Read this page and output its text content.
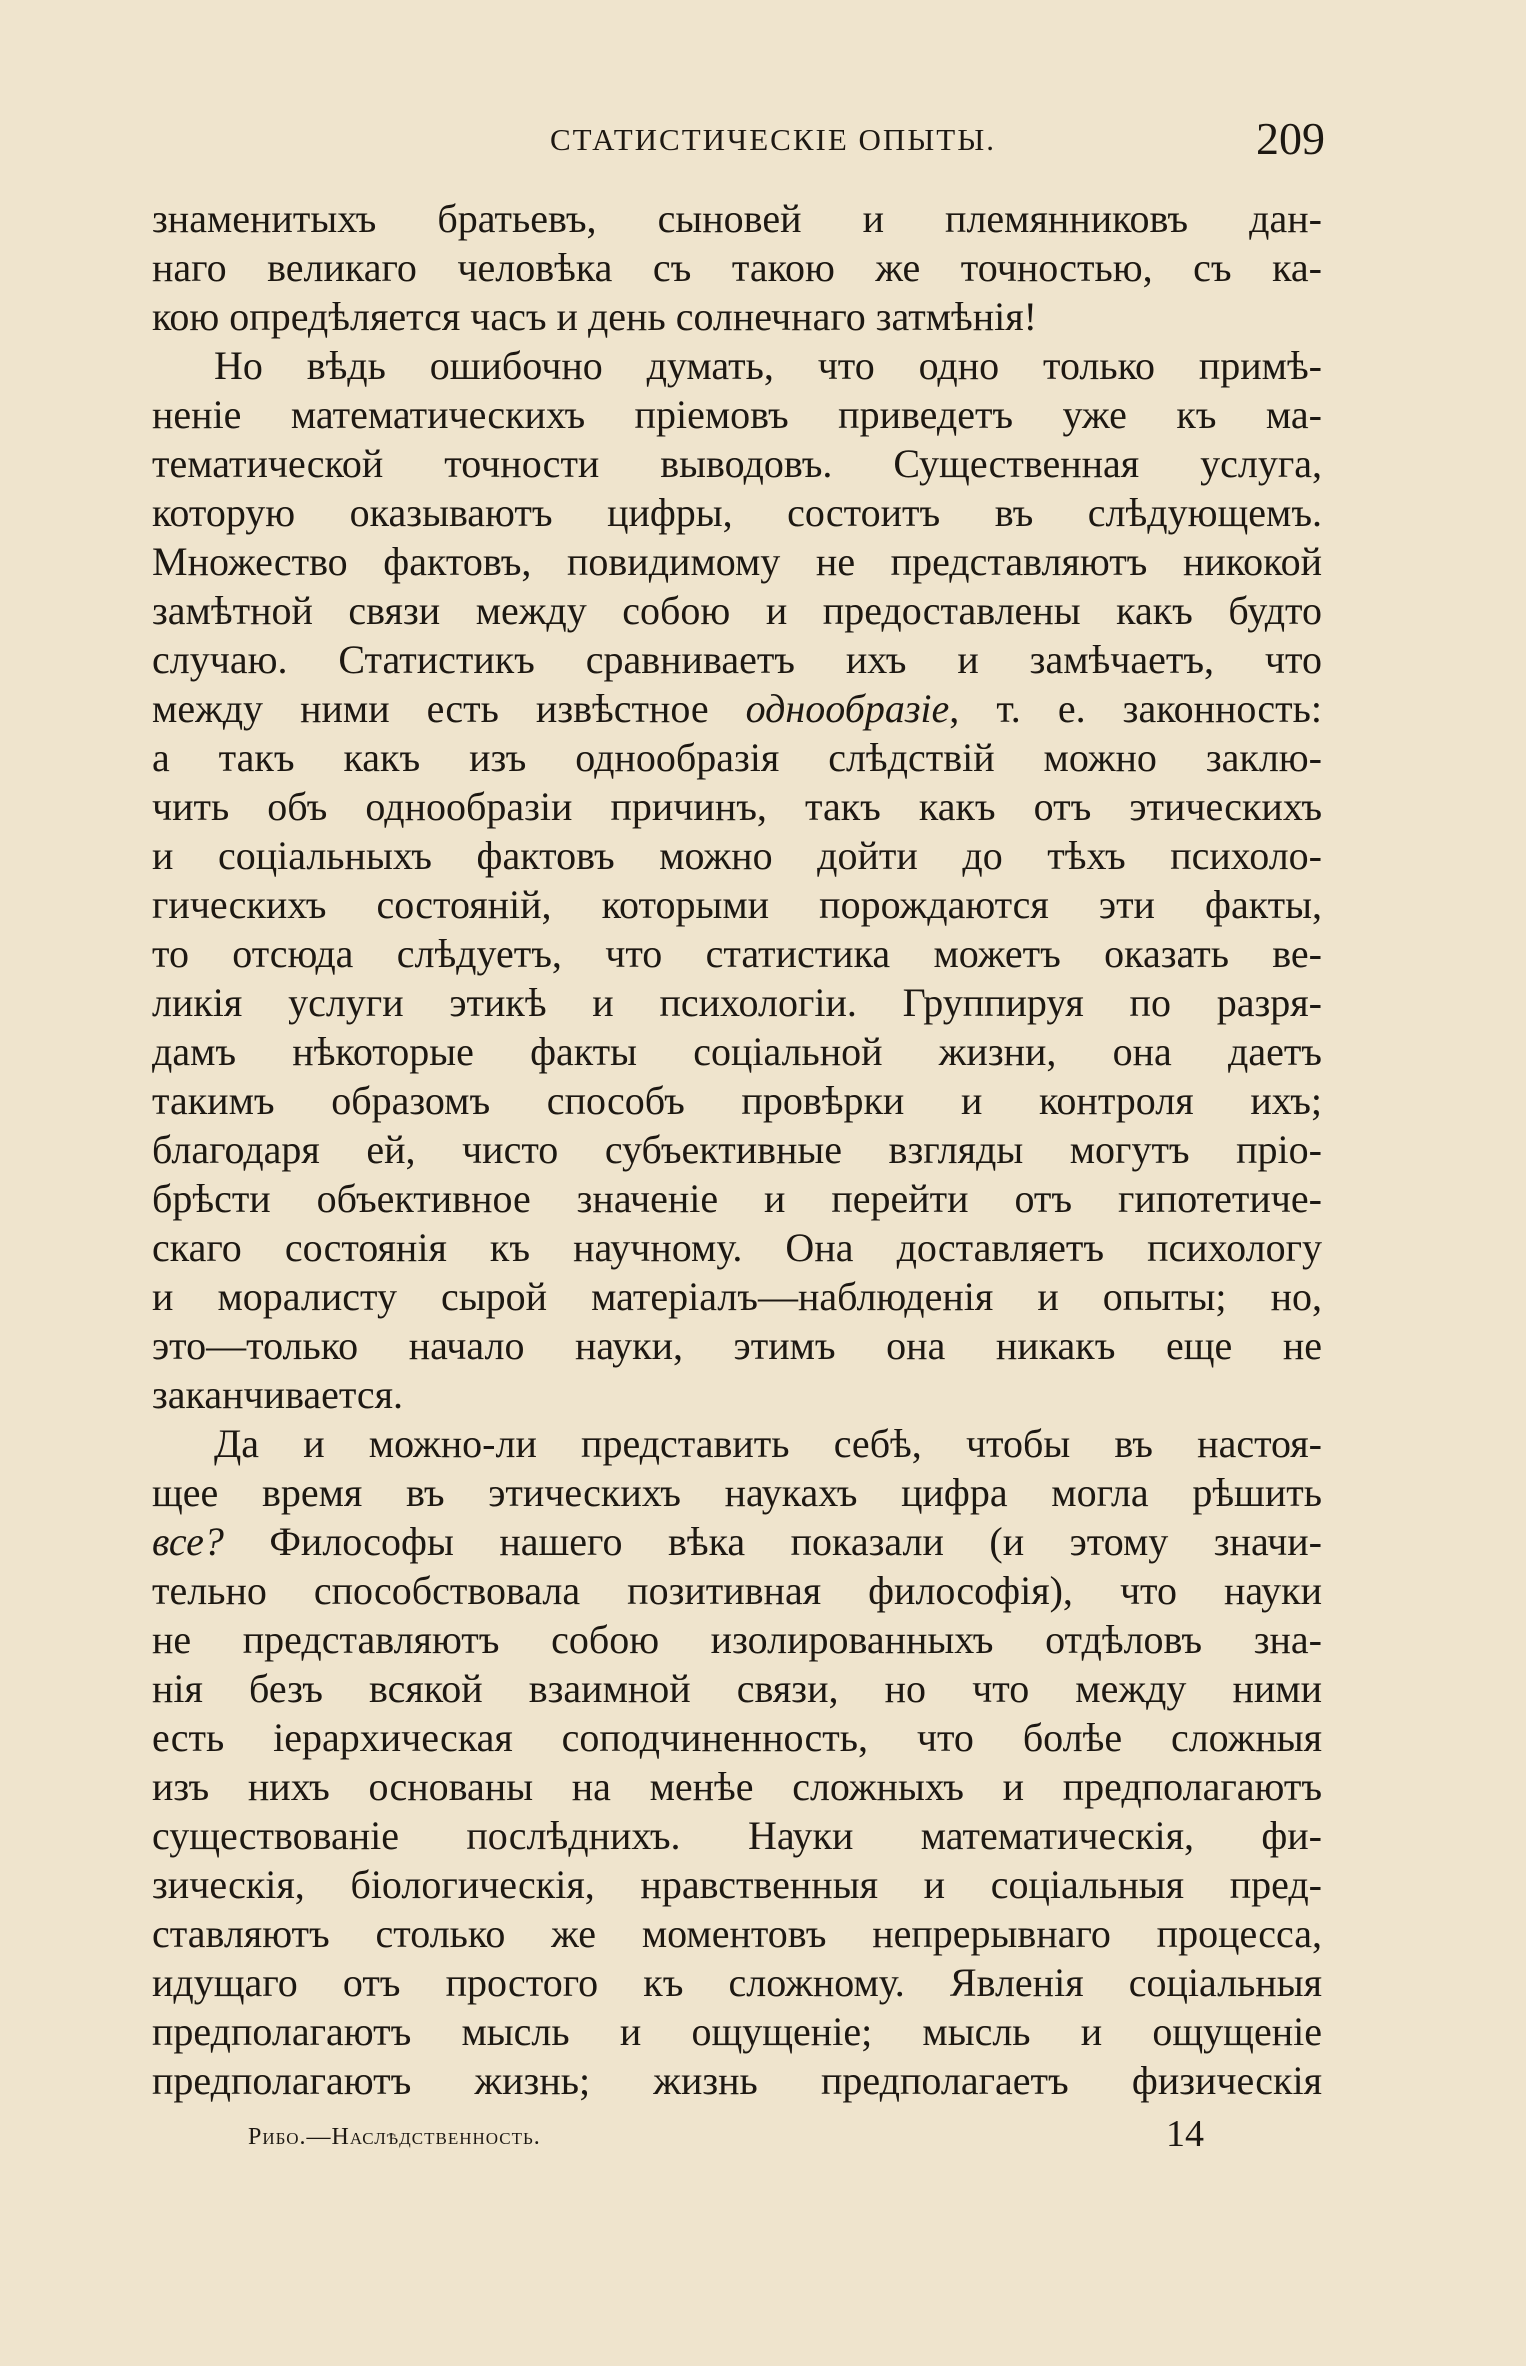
СТАТИСТИЧЕСКІЕ ОПЫТЫ.	209
знаменитыхъ братьевъ, сыновей и племянниковъ дан-
наго великаго человѣка съ такою же точностью, съ ка-
кою опредѣляется часъ и день солнечнаго затмѣнія!
Но вѣдь ошибочно думать, что одно только примѣ-
неніе математическихъ пріемовъ приведетъ уже къ ма-
тематической точности выводовъ. Существенная услуга,
которую оказываютъ цифры, состоитъ въ слѣдующемъ.
Множество фактовъ, повидимому не представляютъ никокой
замѣтной связи между собою и предоставлены какъ будто
случаю. Статистикъ сравниваетъ ихъ и замѣчаетъ, что
между ними есть извѣстное однообразіе, т. е. законность:
а такъ какъ изъ однообразія слѣдствій можно заклю-
чить объ однообразіи причинъ, такъ какъ отъ этическихъ
и соціальныхъ фактовъ можно дойти до тѣхъ психоло-
гическихъ состояній, которыми порождаются эти факты,
то отсюда слѣдуетъ, что статистика можетъ оказать ве-
ликія услуги этикѣ и психологіи. Группируя по разря-
дамъ нѣкоторые факты соціальной жизни, она даетъ
такимъ образомъ способъ провѣрки и контроля ихъ;
благодаря ей, чисто субъективные взгляды могутъ пріо-
брѣсти объективное значеніе и перейти отъ гипотетиче-
скаго состоянія къ научному. Она доставляетъ психологу
и моралисту сырой матеріалъ—наблюденія и опыты; но,
это—только начало науки, этимъ она никакъ еще не
заканчивается.
Да и можно-ли представить себѣ, чтобы въ настоя-
щее время въ этическихъ наукахъ цифра могла рѣшить
все? Философы нашего вѣка показали (и этому значи-
тельно способствовала позитивная философія), что науки
не представляютъ собою изолированныхъ отдѣловъ зна-
нія безъ всякой взаимной связи, но что между ними
есть іерархическая соподчиненность, что болѣе сложныя
изъ нихъ основаны на менѣе сложныхъ и предполагаютъ
существованіе послѣднихъ. Науки математическія, фи-
зическія, біологическія, нравственныя и соціальныя пред-
ставляютъ столько же моментовъ непрерывнаго процесса,
идущаго отъ простого къ сложному. Явленія соціальныя
предполагаютъ мысль и ощущеніе; мысль и ощущеніе
предполагаютъ жизнь; жизнь предполагаетъ физическія
Рибо.—Наслѣдственность.	14
